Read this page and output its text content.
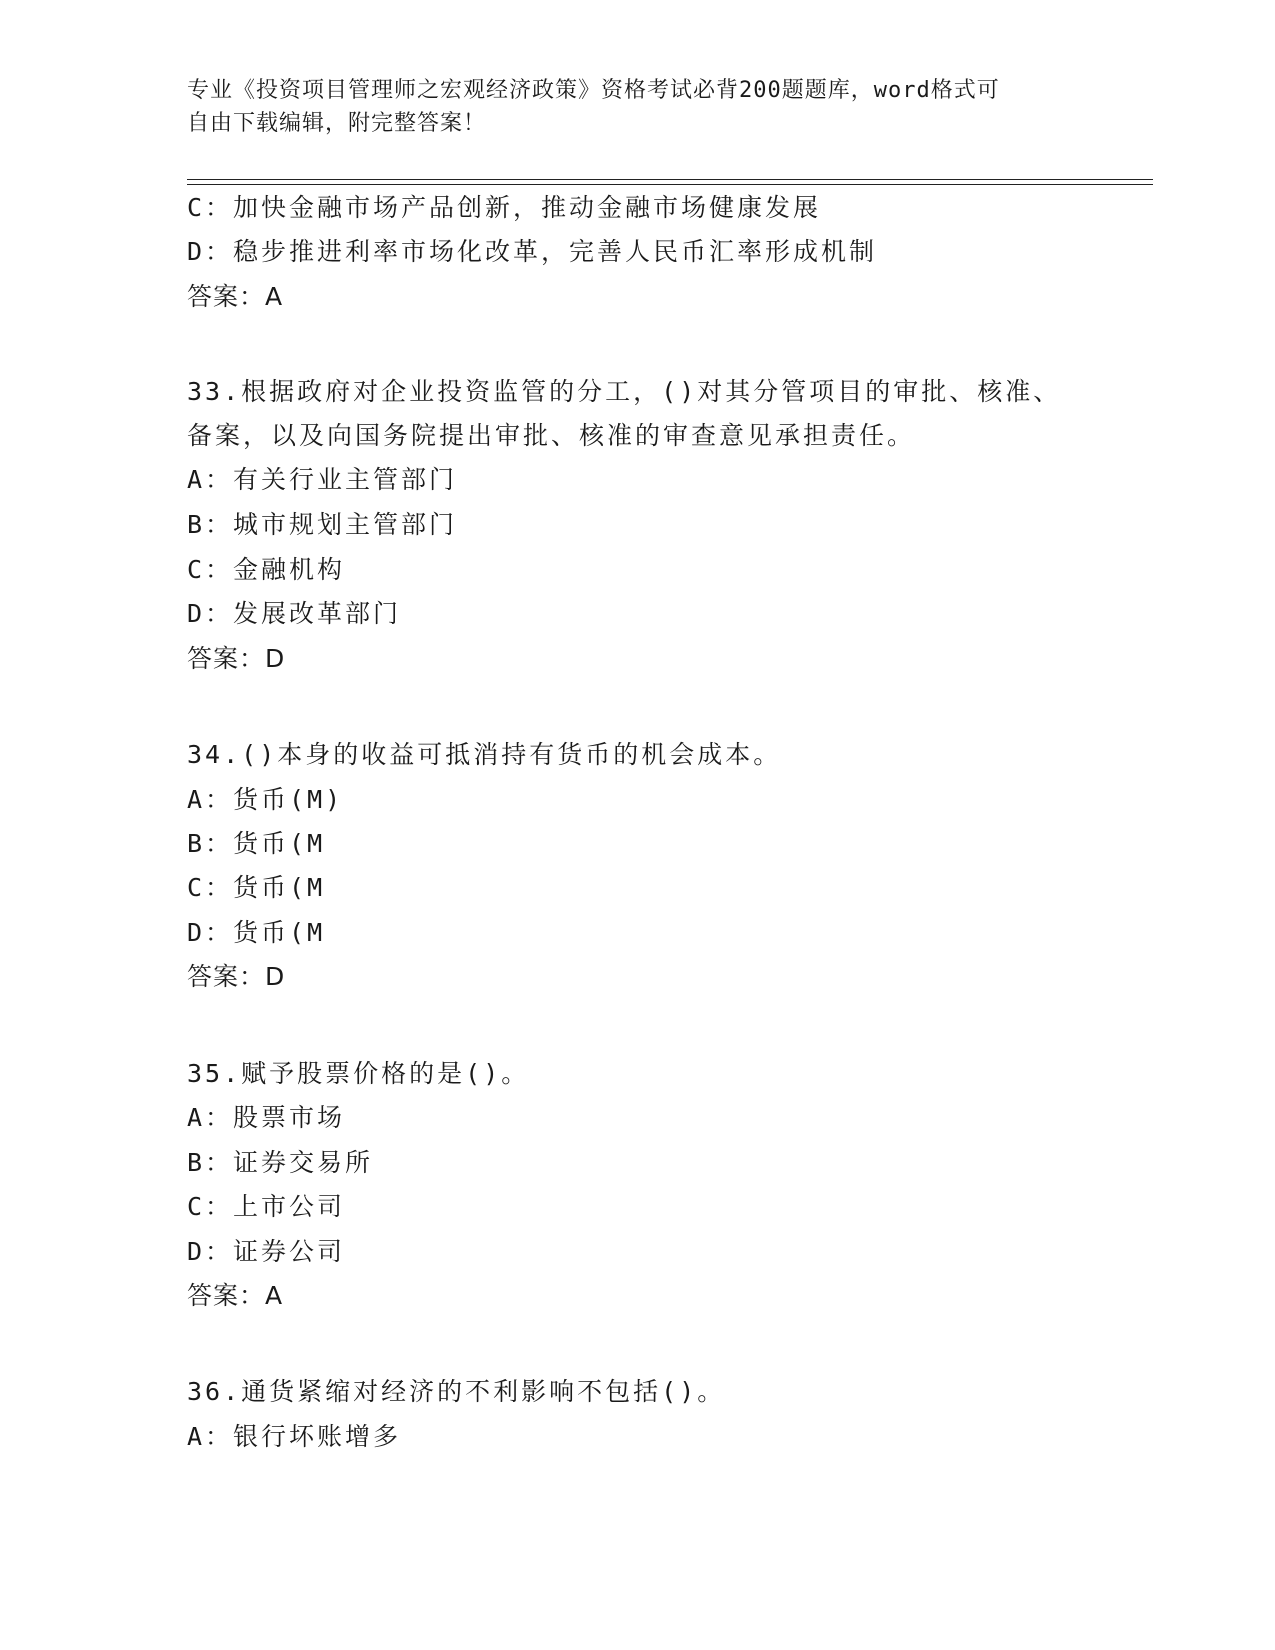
专业《投资项目管理师之宏观经济政策》资格考试必背200题题库，word格式可
自由下载编辑，附完整答案！
C：加快金融市场产品创新，推动金融市场健康发展
D：稳步推进利率市场化改革，完善人民币汇率形成机制
答案：A
33.根据政府对企业投资监管的分工，()对其分管项目的审批、核准、
备案，以及向国务院提出审批、核准的审查意见承担责任。
A：有关行业主管部门
B：城市规划主管部门
C：金融机构
D：发展改革部门
答案：D
34.()本身的收益可抵消持有货币的机会成本。
A：货币(M)
B：货币(M
C：货币(M
D：货币(M
答案：D
35.赋予股票价格的是()。
A：股票市场
B：证券交易所
C：上市公司
D：证券公司
答案：A
36.通货紧缩对经济的不利影响不包括()。
A：银行坏账增多
